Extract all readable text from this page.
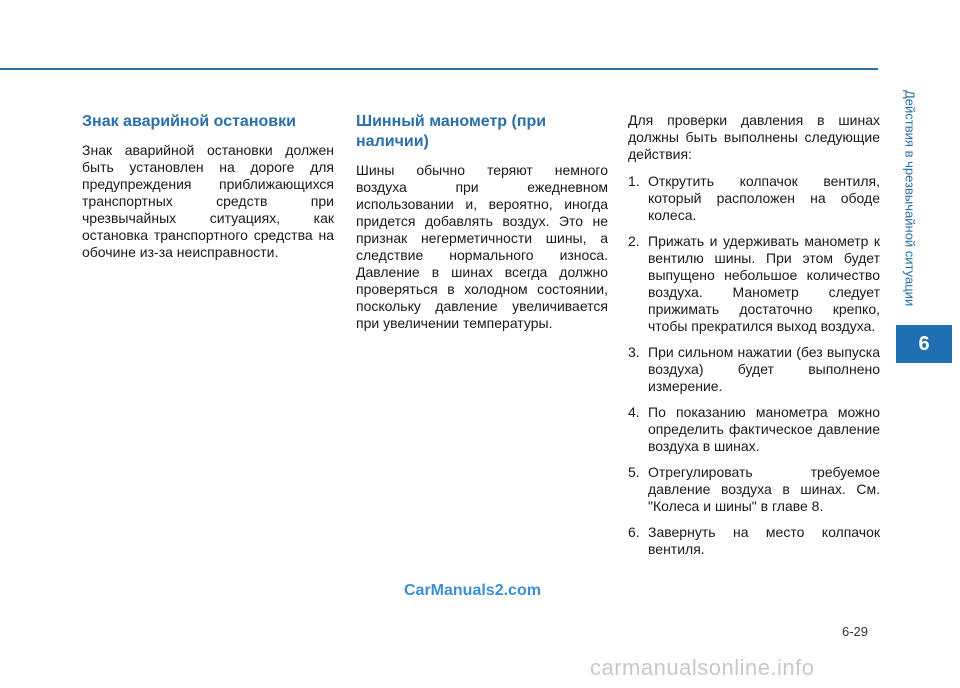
Действия в чрезвычайной ситуации
6
Знак аварийной остановки

Знак аварийной остановки должен быть установлен на дороге для предупреждения приближающихся транспортных средств при чрезвычайных ситуациях, как остановка транспортного средства на обочине из-за неисправности.

Шинный манометр (при наличии)

Шины обычно теряют немного воздуха при ежедневном использовании и, вероятно, иногда придется добавлять воздух. Это не признак негерметичности шины, а следствие нормального износа. Давление в шинах всегда должно проверяться в холодном состоянии, поскольку давление увеличивается при увеличении температуры.

Для проверки давления в шинах должны быть выполнены следующие действия:

1. Открутить колпачок вентиля, который расположен на ободе колеса.
2. Прижать и удерживать манометр к вентилю шины. При этом будет выпущено небольшое количество воздуха. Манометр следует прижимать достаточно крепко, чтобы прекратился выход воздуха.
3. При сильном нажатии (без выпуска воздуха) будет выполнено измерение.
4. По показанию манометра можно определить фактическое давление воздуха в шинах.
5. Отрегулировать требуемое давление воздуха в шинах. См. "Колеса и шины" в главе 8.
6. Завернуть на место колпачок вентиля.
CarManuals2.com
6-29
carmanualsonline.info
